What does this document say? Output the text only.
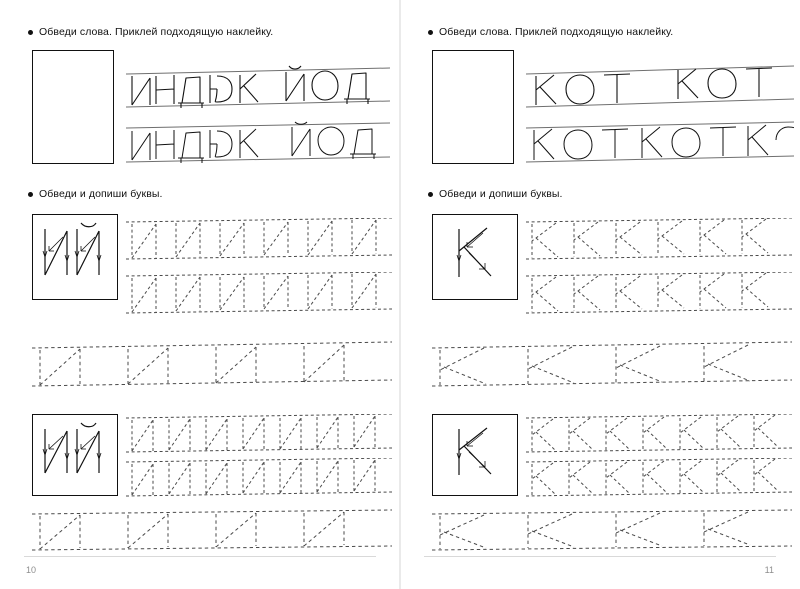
Обведи слова. Приклей подходящую наклейку.
Обведи и допиши буквы.
10
Обведи слова. Приклей подходящую наклейку.
Обведи и допиши буквы.
11
